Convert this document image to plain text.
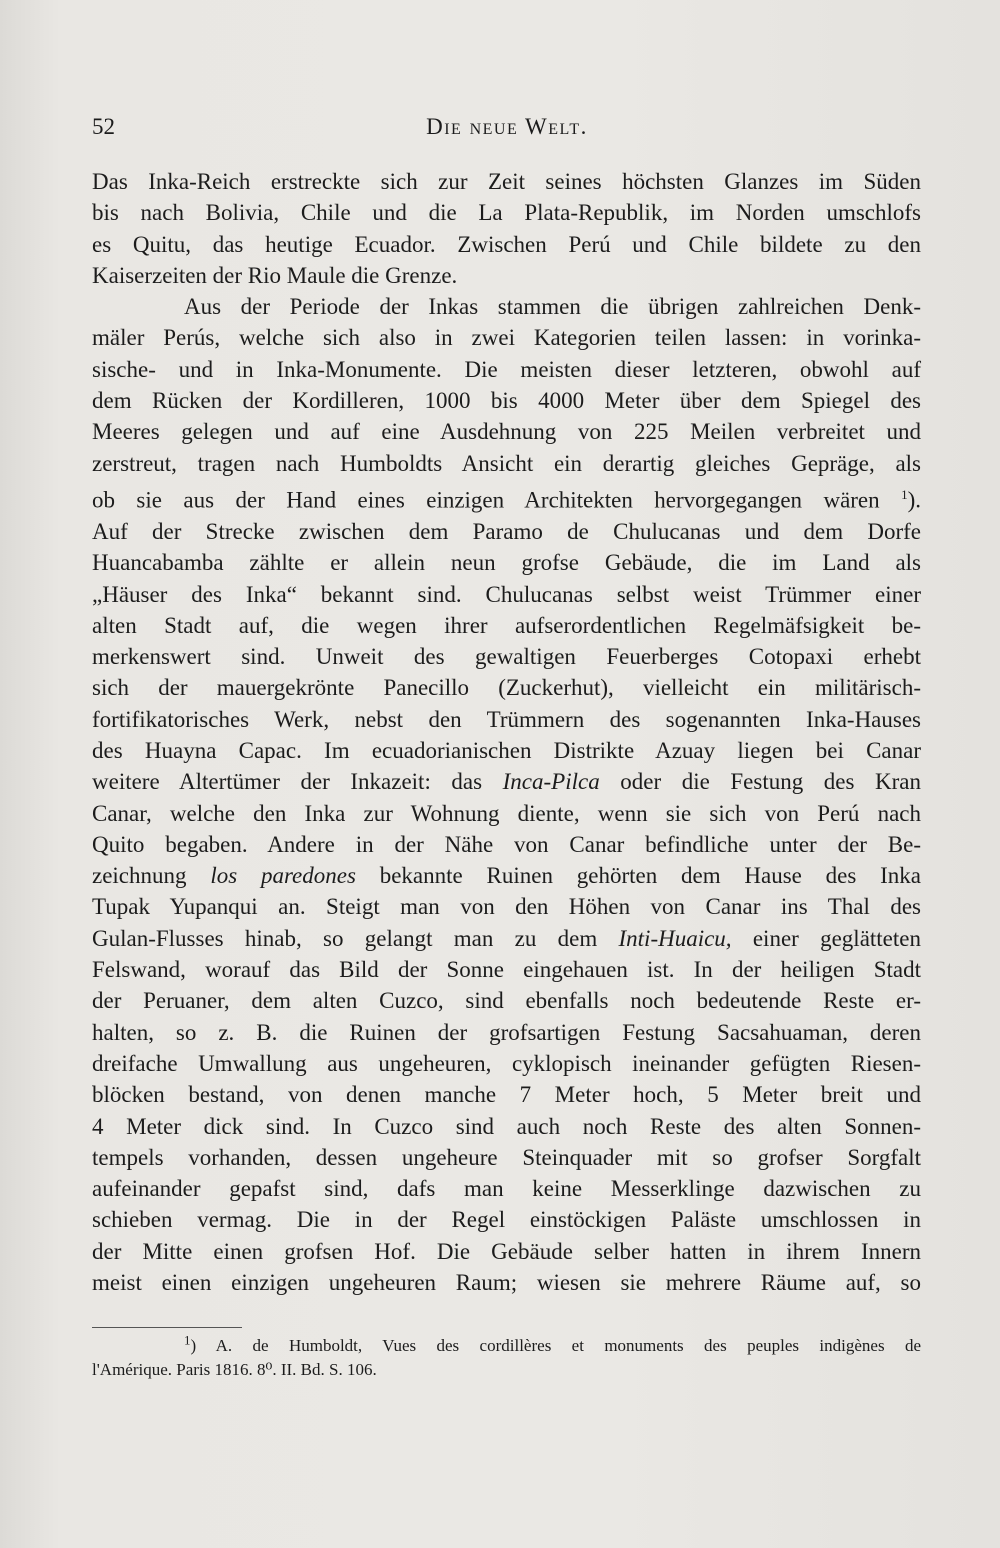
52	Die neue Welt.

Das Inka-Reich erstreckte sich zur Zeit seines höchsten Glanzes im Süden
bis nach Bolivia, Chile und die La Plata-Republik, im Norden umschlofs
es Quitu, das heutige Ecuador. Zwischen Perú und Chile bildete zu den

Kaiserzeiten der Rio Maule die Grenze.

Aus der Periode der Inkas stammen die übrigen zahlreichen Denk-

mäler Perús, welche sich also in zwei Kategorien teilen lassen: in vorinka-
sische- und in Inka-Monumente. Die meisten dieser letzteren, obwohl auf
dem Rücken der Kordilleren, 1000 bis 4000 Meter über dem Spiegel des
Meeres gelegen und auf eine Ausdehnung von 225 Meilen verbreitet und
zerstreut, tragen nach Humboldts Ansicht ein derartig gleiches Gepräge, als
ob sie aus der Hand eines einzigen Architekten hervorgegangen wären $^1$).
Auf der Strecke zwischen dem Paramo de Chulucanas und dem Dorfe
Huancabamba zählte er allein neun grofse Gebäude, die im Land als
„Häuser des Inka“ bekannt sind. Chulucanas selbst weist Trümmer einer
alten Stadt auf, die wegen ihrer aufserordentlichen Regelmäfsigkeit be-
merkenswert sind. Unweit des gewaltigen Feuerberges Cotopaxi erhebt
sich der mauergekrönte Panecillo (Zuckerhut), vielleicht ein militärisch-
fortifikatorisches Werk, nebst den Trümmern des sogenannten Inka-Hauses
des Huayna Capac. Im ecuadorianischen Distrikte Azuay liegen bei Canar
weitere Altertümer der Inkazeit: das Inca-Pilca oder die Festung des Kran
Canar, welche den Inka zur Wohnung diente, wenn sie sich von Perú nach
Quito begaben. Andere in der Nähe von Canar befindliche unter der Be-
zeichnung los paredones bekannte Ruinen gehörten dem Hause des Inka
Tupak Yupanqui an. Steigt man von den Höhen von Canar ins Thal des
Gulan-Flusses hinab, so gelangt man zu dem Inti-Huaicu, einer geglätteten
Felswand, worauf das Bild der Sonne eingehauen ist. In der heiligen Stadt
der Peruaner, dem alten Cuzco, sind ebenfalls noch bedeutende Reste er-
halten, so z. B. die Ruinen der grofsartigen Festung Sacsahuaman, deren
dreifache Umwallung aus ungeheuren, cyklopisch ineinander gefügten Riesen-
blöcken bestand, von denen manche 7 Meter hoch, 5 Meter breit und
4 Meter dick sind. In Cuzco sind auch noch Reste des alten Sonnen-
tempels vorhanden, dessen ungeheure Steinquader mit so grofser Sorgfalt
aufeinander gepafst sind, dafs man keine Messerklinge dazwischen zu
schieben vermag. Die in der Regel einstöckigen Paläste umschlossen in
der Mitte einen grofsen Hof. Die Gebäude selber hatten in ihrem Innern
meist einen einzigen ungeheuren Raum; wiesen sie mehrere Räume auf, so

$^1$) A. de Humboldt, Vues des cordillères et monuments des peuples indigènes de

l'Amérique. Paris 1816. 8⁰. II. Bd. S. 106.
